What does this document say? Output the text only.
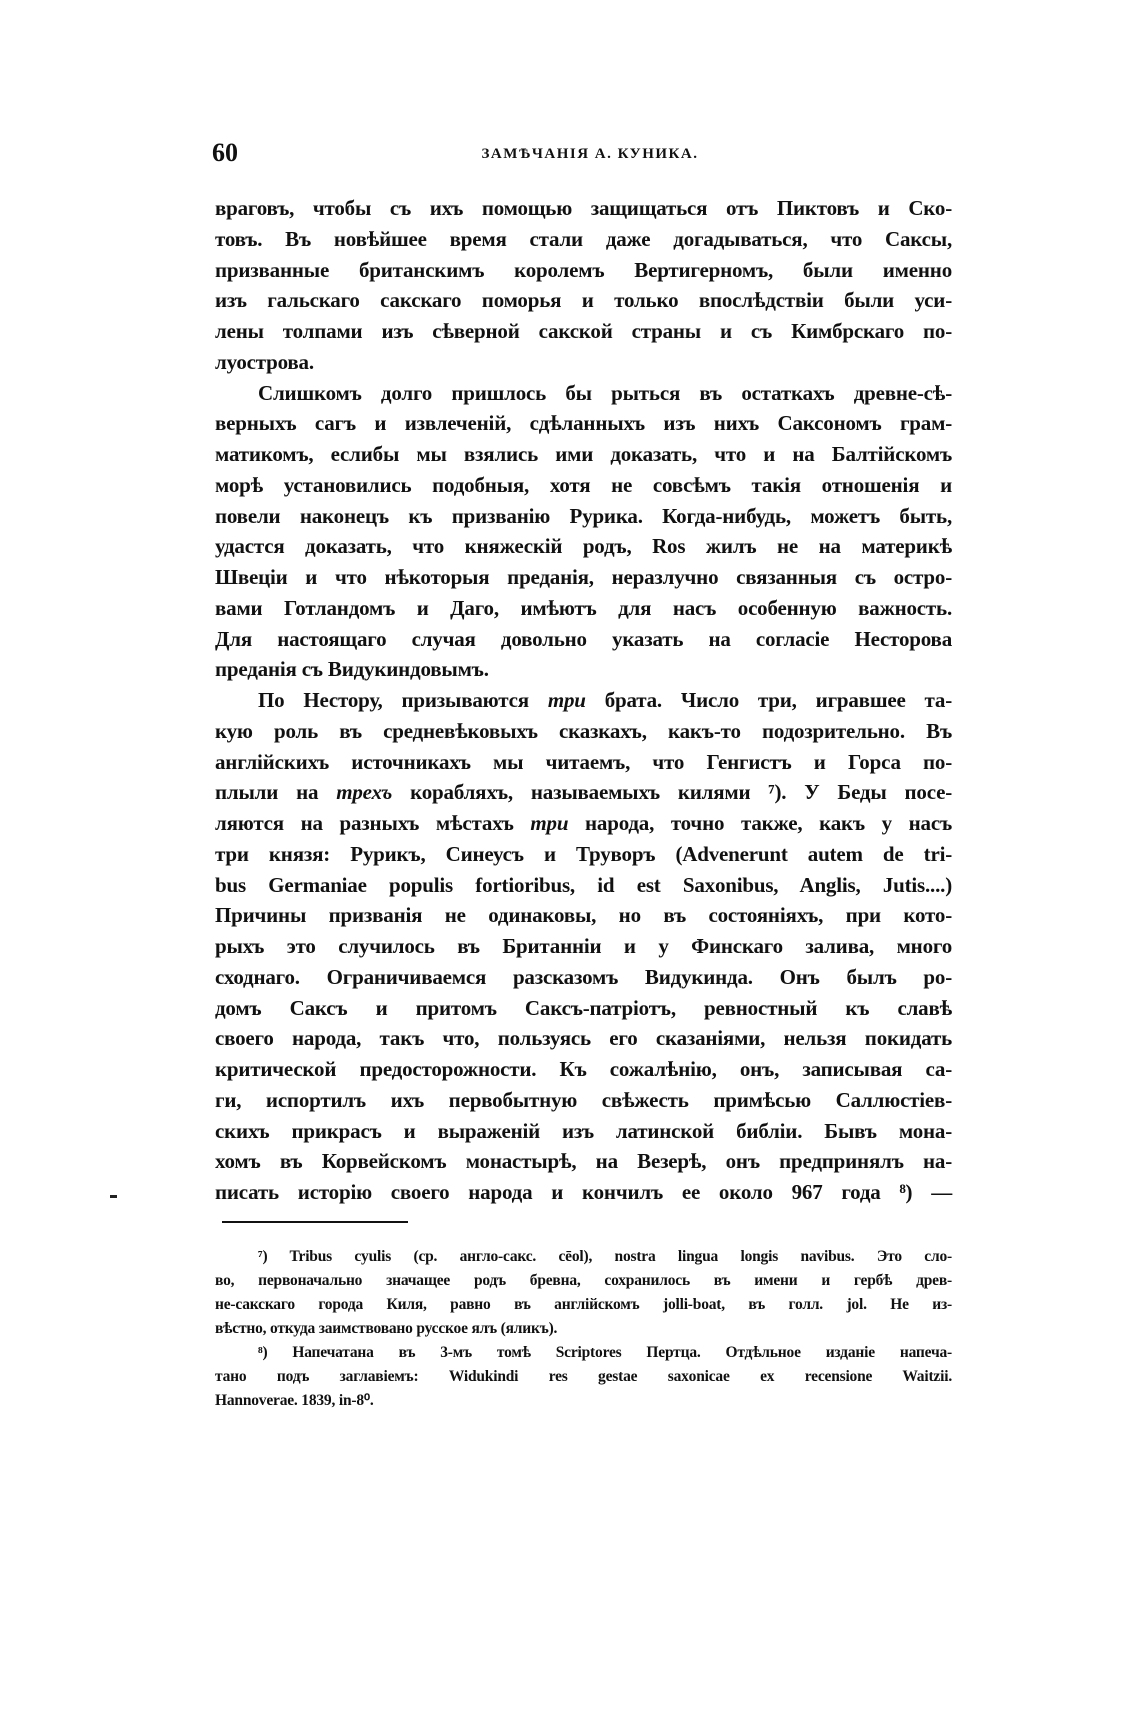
60	ЗАМѢЧАНІЯ А. КУНИКА.
враговъ, чтобы съ ихъ помощью защищаться отъ Пиктовъ и Ско-
товъ. Въ новѣйшее время стали даже догадываться, что Саксы,
призванные британскимъ королемъ Вертигерномъ, были именно
изъ гальскаго сакскаго поморья и только впослѣдствіи были уси-
лены толпами изъ сѣверной сакской страны и съ Кимбрскаго по-
луострова.
Слишкомъ долго пришлось бы рыться въ остаткахъ древне-сѣ-
верныхъ сагъ и извлеченій, сдѣланныхъ изъ нихъ Саксономъ грам-
матикомъ, еслибы мы взялись ими доказать, что и на Балтійскомъ
морѣ установились подобныя, хотя не совсѣмъ такія отношенія и
повели наконецъ къ призванію Рурика. Когда-нибудь, можетъ быть,
удастся доказать, что княжескій родъ, Ros жилъ не на материкѣ
Швеціи и что нѣкоторыя преданія, неразлучно связанныя съ остро-
вами Готландомъ и Даго, имѣютъ для насъ особенную важность.
Для настоящаго случая довольно указать на согласіе Несторова
преданія съ Видукиндовымъ.
По Нестору, призываются три брата. Число три, игравшее та-
кую роль въ средневѣковыхъ сказкахъ, какъ-то подозрительно. Въ
англійскихъ источникахъ мы читаемъ, что Генгистъ и Горса по-
плыли на трехъ корабляхъ, называемыхъ килями ⁷). У Беды посе-
ляются на разныхъ мѣстахъ три народа, точно также, какъ у насъ
три князя: Рурикъ, Синеусъ и Труворъ (Advenerunt autem de tri-
bus Germaniae populis fortioribus, id est Saxonibus, Anglis, Jutis....)
Причины призванія не одинаковы, но въ состояніяхъ, при кото-
рыхъ это случилось въ Британніи и у Финскаго залива, много
сходнаго. Ограничиваемся разсказомъ Видукинда. Онъ былъ ро-
домъ Саксъ и притомъ Саксъ-патріотъ, ревностный къ славѣ
своего народа, такъ что, пользуясь его сказаніями, нельзя покидать
критической предосторожности. Къ сожалѣнію, онъ, записывая са-
ги, испортилъ ихъ первобытную свѣжесть примѣсью Саллюстіев-
скихъ прикрасъ и выраженій изъ латинской библіи. Бывъ мона-
хомъ въ Корвейскомъ монастырѣ, на Везерѣ, онъ предпринялъ на-
писать исторію своего народа и кончилъ ее около 967 года ⁸) —
⁷) Tribus cyulis (ср. англо-сакс. cēol), nostra lingua longis navibus. Это сло-
во, первоначально значащее родъ бревна, сохранилось въ имени и гербѣ древ-
не-сакскаго города Киля, равно въ англійскомъ jolli-boat, въ голл. jol. Не из-
вѣстно, откуда заимствовано русское ялъ (яликъ).
⁸) Напечатана въ 3-мъ томѣ Scriptores Пертца. Отдѣльное изданіе напеча-
тано подъ заглавіемъ: Widukindi res gestae saxonicae ex recensione Waitzii.
Hannoverae. 1839, in-8⁰.
